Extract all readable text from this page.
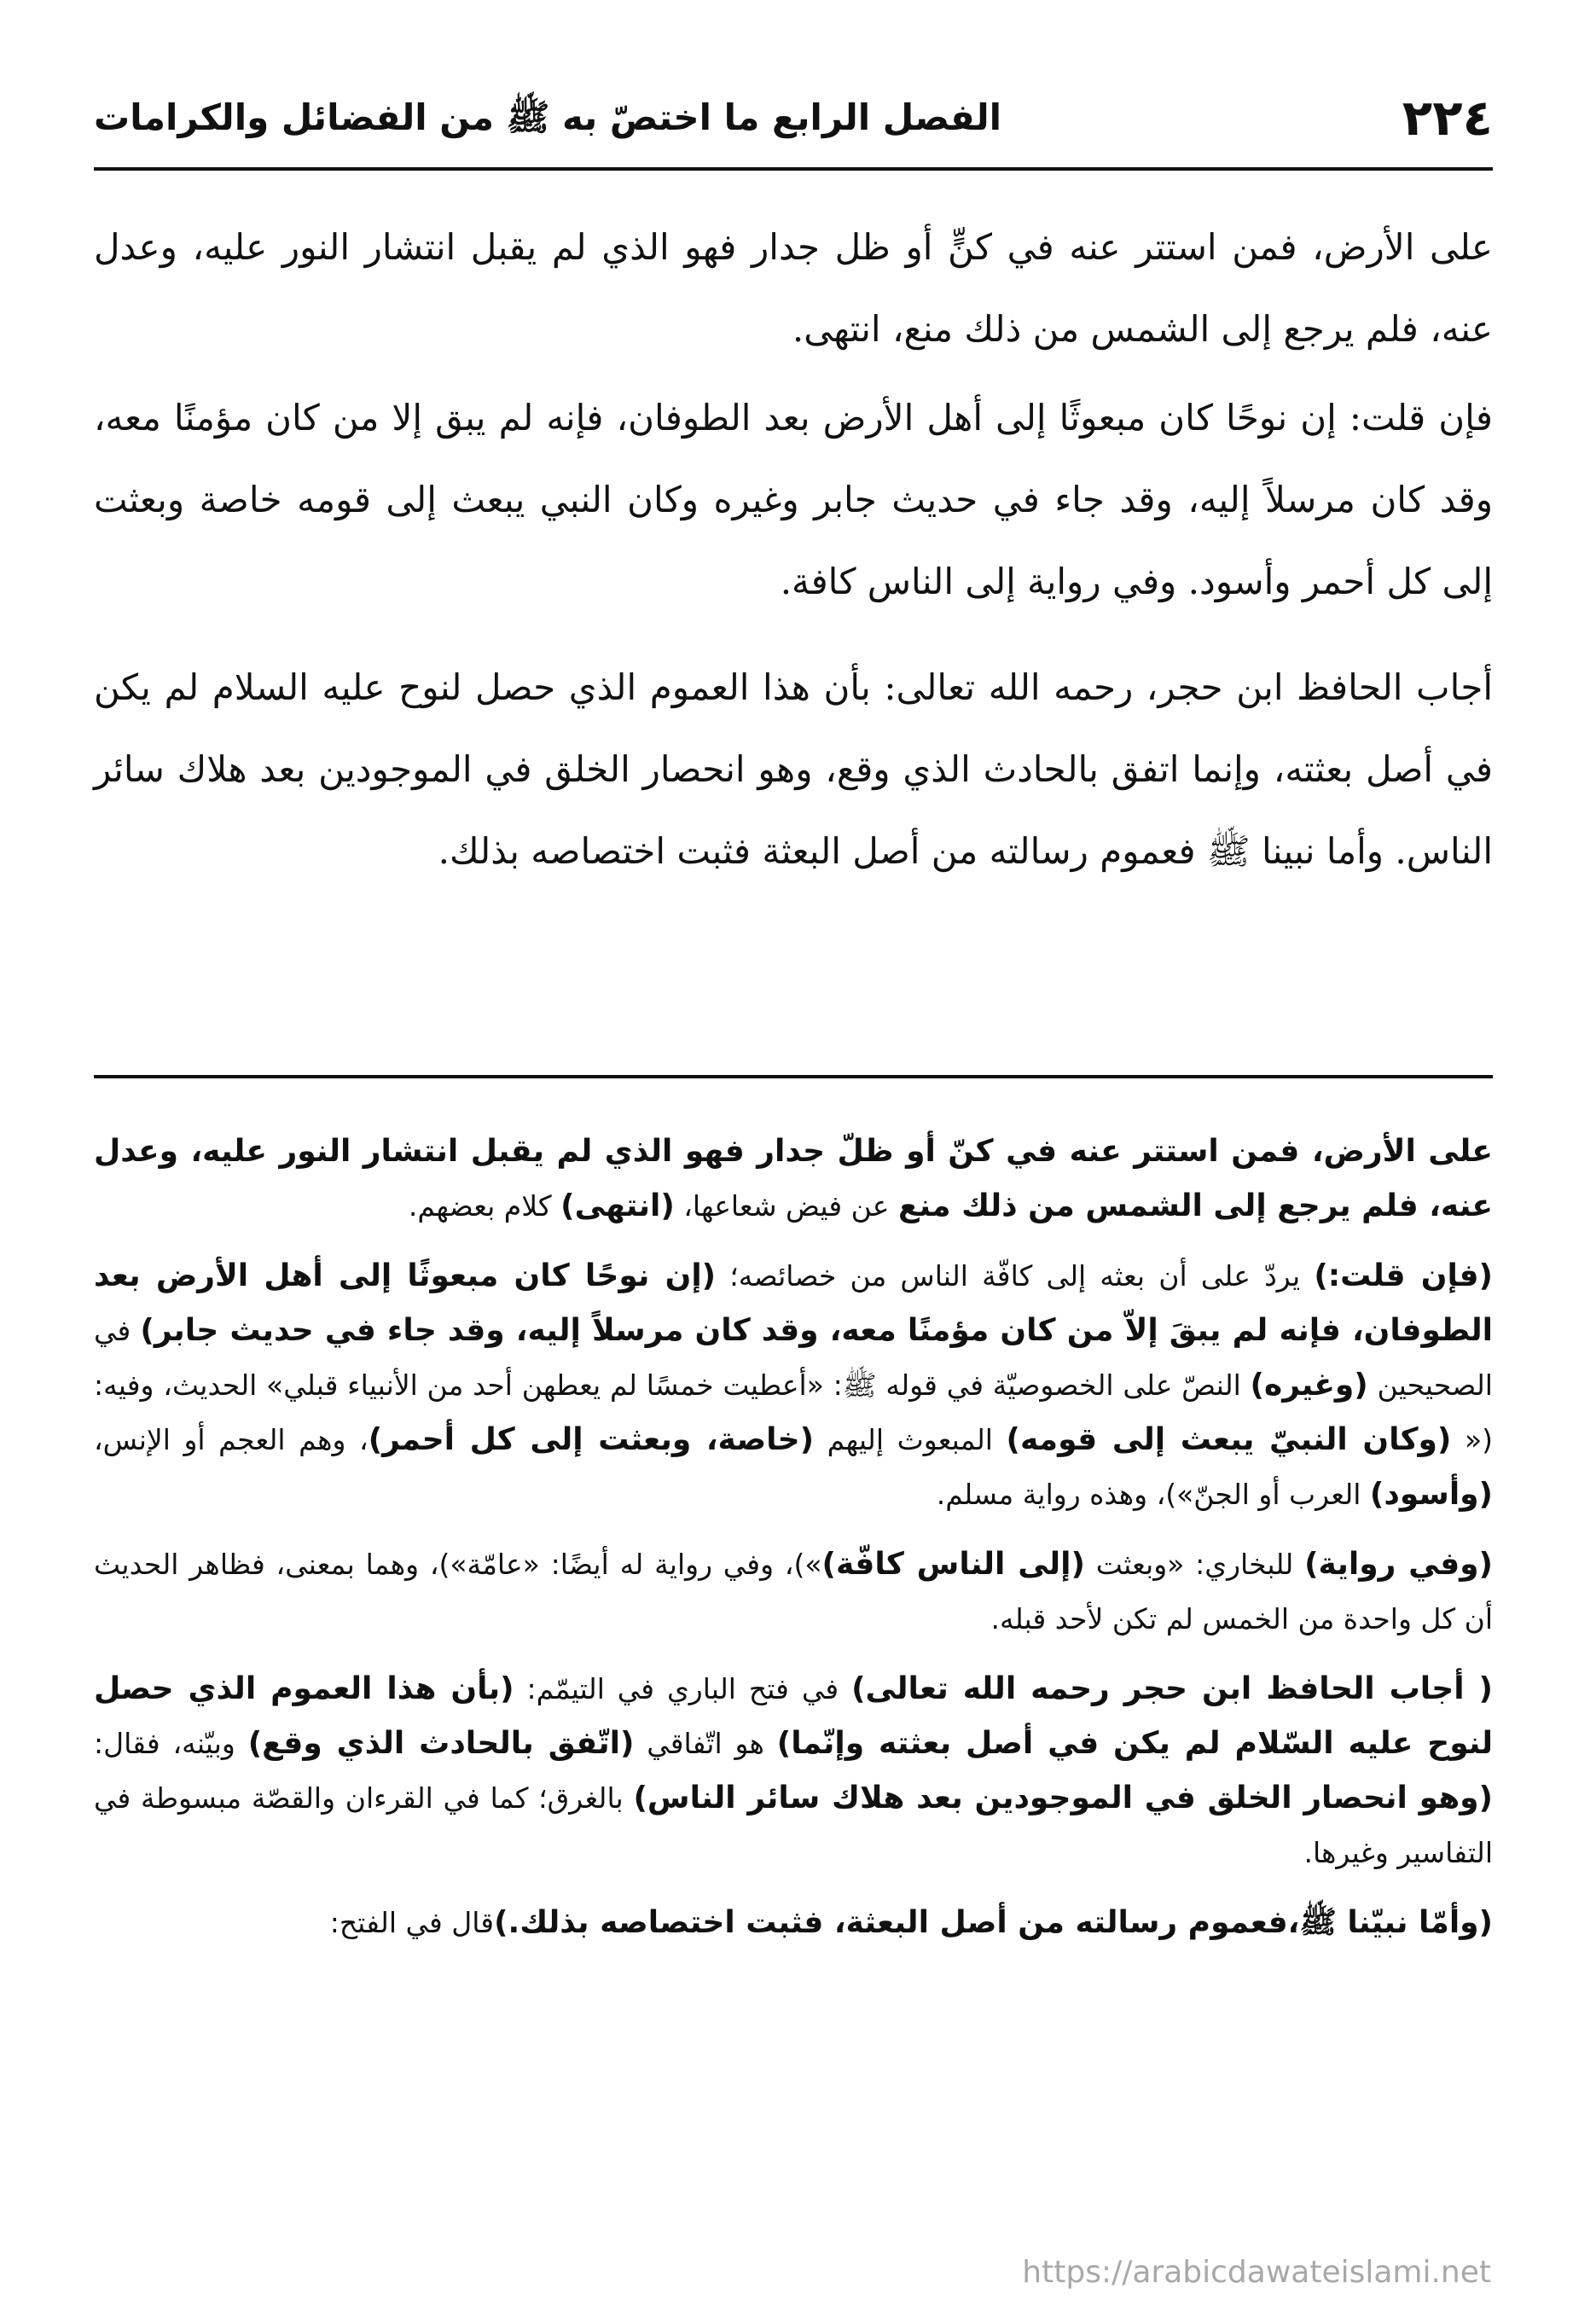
٢٢٤
الفصل الرابع ما اختصّ به ﷺ من الفضائل والكرامات

على الأرض، فمن استتر عنه في كنٍّ أو ظل جدار فهو الذي لم يقبل انتشار النور عليه، وعدل عنه، فلم يرجع إلى الشمس من ذلك منع، انتهى.

فإن قلت: إن نوحًا كان مبعوثًا إلى أهل الأرض بعد الطوفان، فإنه لم يبق إلا من كان مؤمنًا معه، وقد كان مرسلاً إليه، وقد جاء في حديث جابر وغيره وكان النبي يبعث إلى قومه خاصة وبعثت إلى كل أحمر وأسود. وفي رواية إلى الناس كافة.

أجاب الحافظ ابن حجر، رحمه الله تعالى: بأن هذا العموم الذي حصل لنوح عليه السلام لم يكن في أصل بعثته، وإنما اتفق بالحادث الذي وقع، وهو انحصار الخلق في الموجودين بعد هلاك سائر الناس. وأما نبينا ﷺ فعموم رسالته من أصل البعثة فثبت اختصاصه بذلك.

على الأرض، فمن استتر عنه في كنّ أو ظلّ جدار فهو الذي لم يقبل انتشار النور عليه، وعدل عنه، فلم يرجع إلى الشمس من ذلك منع عن فيض شعاعها، (انتهى) كلام بعضهم.

(فإن قلت:) يردّ على أن بعثه إلى كافّة الناس من خصائصه؛ (إن نوحًا كان مبعوثًا إلى أهل الأرض بعد الطوفان، فإنه لم يبقَ إلاّ من كان مؤمنًا معه، وقد كان مرسلاً إليه، وقد جاء في حديث جابر) في الصحيحين (وغيره) النصّ على الخصوصيّة في قوله ﷺ: «أعطيت خمسًا لم يعطهن أحد من الأنبياء قبلي» الحديث، وفيه: (« (وكان النبيّ يبعث إلى قومه) المبعوث إليهم (خاصة، وبعثت إلى كل أحمر)، وهم العجم أو الإنس، (وأسود) العرب أو الجنّ»)، وهذه رواية مسلم.

(وفي رواية) للبخاري: «وبعثت (إلى الناس كافّة)»)، وفي رواية له أيضًا: «عامّة»)، وهما بمعنى، فظاهر الحديث أن كل واحدة من الخمس لم تكن لأحد قبله.

( أجاب الحافظ ابن حجر رحمه الله تعالى) في فتح الباري في التيمّم: (بأن هذا العموم الذي حصل لنوح عليه السّلام لم يكن في أصل بعثته وإنّما) هو اتّفاقي (اتّفق بالحادث الذي وقع) وبيّنه، فقال: (وهو انحصار الخلق في الموجودين بعد هلاك سائر الناس) بالغرق؛ كما في القرءان والقصّة مبسوطة في التفاسير وغيرها.

(وأمّا نبيّنا ﷺ،فعموم رسالته من أصل البعثة، فثبت اختصاصه بذلك.)قال في الفتح:

https://arabicdawateislami.net
